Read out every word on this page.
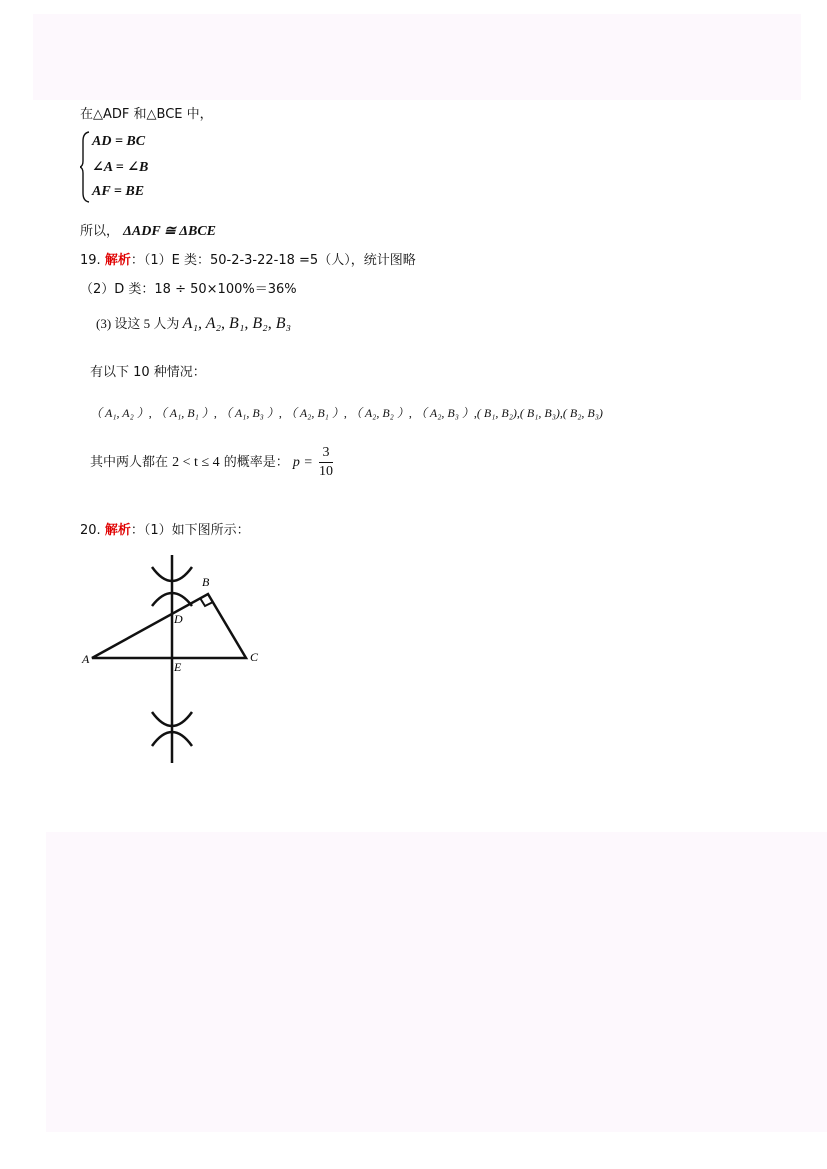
在△ADF 和△BCE 中，
AD = BC
∠A = ∠B
AF = BE
所以， ΔADF ≅ ΔBCE
19. 解析：（1）E 类：50-2-3-22-18 =5（人），统计图略
（2）D 类：18 ÷ 50×100%＝36%
(3) 设这 5 人为 A₁, A₂, B₁, B₂, B₃
有以下 10 种情况：
（ A₁, A₂ ）, （ A₁, B₁ ）, （ A₁, B₃ ）, （ A₂, B₁ ）, （ A₂, B₂ ）, （ A₂, B₃ ）,( B₁, B₂),( B₁, B₃),( B₂, B₃)
其中两人都在 2 < t ≤ 4 的概率是： $p = \frac{3}{10}$
20. 解析：（1）如下图所示：
A
B
C
D
E
